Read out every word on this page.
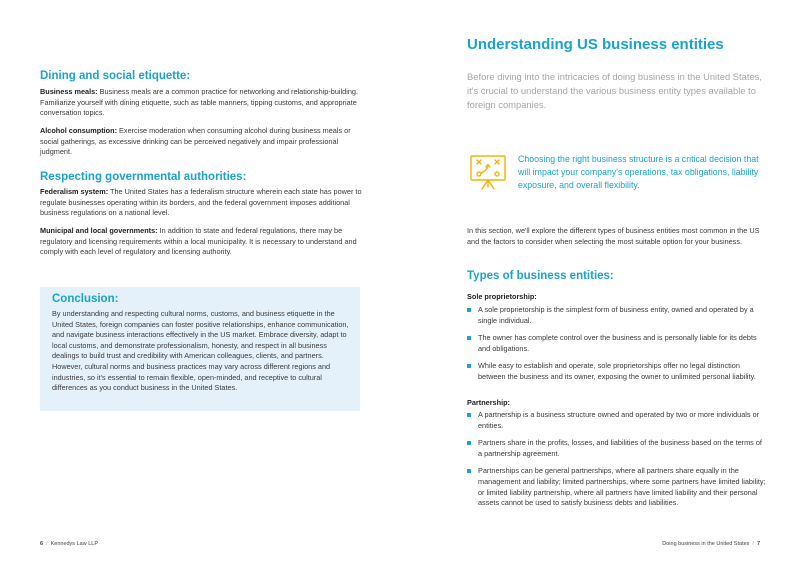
Dining and social etiquette:

Business meals: Business meals are a common practice for networking and relationship-building. Familiarize yourself with dining etiquette, such as table manners, tipping customs, and appropriate conversation topics.

Alcohol consumption: Exercise moderation when consuming alcohol during business meals or social gatherings, as excessive drinking can be perceived negatively and impair professional judgment.

Respecting governmental authorities:

Federalism system: The United States has a federalism structure wherein each state has power to regulate businesses operating within its borders, and the federal government imposes additional business regulations on a national level.

Municipal and local governments: In addition to state and federal regulations, there may be regulatory and licensing requirements within a local municipality. It is necessary to understand and comply with each level of regulatory and licensing authority.

Conclusion:

By understanding and respecting cultural norms, customs, and business etiquette in the United States, foreign companies can foster positive relationships, enhance communication, and navigate business interactions effectively in the US market. Embrace diversity, adapt to local customs, and demonstrate professionalism, honesty, and respect in all business dealings to build trust and credibility with American colleagues, clients, and partners. However, cultural norms and business practices may vary across different regions and industries, so it's essential to remain flexible, open-minded, and receptive to cultural differences as you conduct business in the United States.

6 / Kennedys Law LLP
Understanding US business entities

Before diving into the intricacies of doing business in the United States, it's crucial to understand the various business entity types available to foreign companies.

Choosing the right business structure is a critical decision that will impact your company's operations, tax obligations, liability exposure, and overall flexibility.

In this section, we'll explore the different types of business entities most common in the US and the factors to consider when selecting the most suitable option for your business.

Types of business entities:

Sole proprietorship:

A sole proprietorship is the simplest form of business entity, owned and operated by a single individual.
The owner has complete control over the business and is personally liable for its debts and obligations.
While easy to establish and operate, sole proprietorships offer no legal distinction between the business and its owner, exposing the owner to unlimited personal liability.

Partnership:

A partnership is a business structure owned and operated by two or more individuals or entities.
Partners share in the profits, losses, and liabilities of the business based on the terms of a partnership agreement.
Partnerships can be general partnerships, where all partners share equally in the management and liability; limited partnerships, where some partners have limited liability; or limited liability partnership, where all partners have limited liability and their personal assets cannot be used to satisfy business debts and liabilities.
Doing business in the United States / 7
